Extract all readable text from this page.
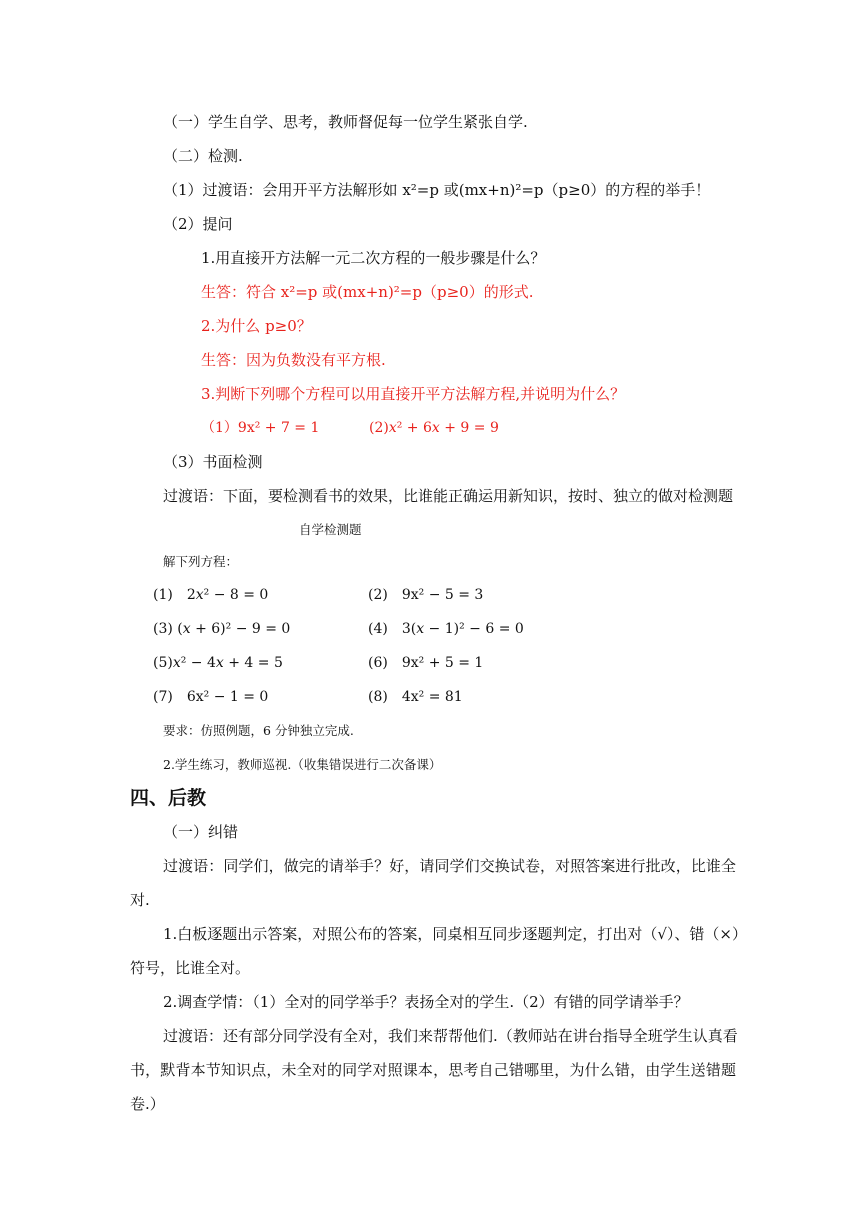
（一）学生自学、思考，教师督促每一位学生紧张自学.
（二）检测.
（1）过渡语：会用开平方法解形如 x²=p 或(mx+n)²=p（p≥0）的方程的举手！
（2）提问
1.用直接开方法解一元二次方程的一般步骤是什么？
生答：符合 x²=p 或(mx+n)²=p（p≥0）的形式.
2.为什么 p≥0？
生答：因为负数没有平方根.
3.判断下列哪个方程可以用直接开平方法解方程,并说明为什么？
（1）9x² + 7 = 1	(2)𝑥² + 6𝑥 + 9 = 9
（3）书面检测
过渡语：下面，要检测看书的效果，比谁能正确运用新知识，按时、独立的做对检测题
自学检测题
解下列方程：
(1)　2𝑥² − 8 = 0	(2)　9x² − 5 = 3
(3) (𝑥 + 6)² − 9 = 0	(4)　3(𝑥 − 1)² − 6 = 0
(5)𝑥² − 4𝑥 + 4 = 5	(6)　9x² + 5 = 1
(7)　6x² − 1 = 0	(8)　4x² = 81
要求：仿照例题，6 分钟独立完成.
2.学生练习，教师巡视.（收集错误进行二次备课）
四、后教
（一）纠错
过渡语：同学们，做完的请举手？好，请同学们交换试卷，对照答案进行批改，比谁全
对.
1.白板逐题出示答案，对照公布的答案，同桌相互同步逐题判定，打出对（√）、错（×）
符号，比谁全对。
2.调查学情：（1）全对的同学举手？表扬全对的学生.（2）有错的同学请举手？
过渡语：还有部分同学没有全对，我们来帮帮他们.（教师站在讲台指导全班学生认真看
书，默背本节知识点，未全对的同学对照课本，思考自己错哪里，为什么错，由学生送错题
卷.）
